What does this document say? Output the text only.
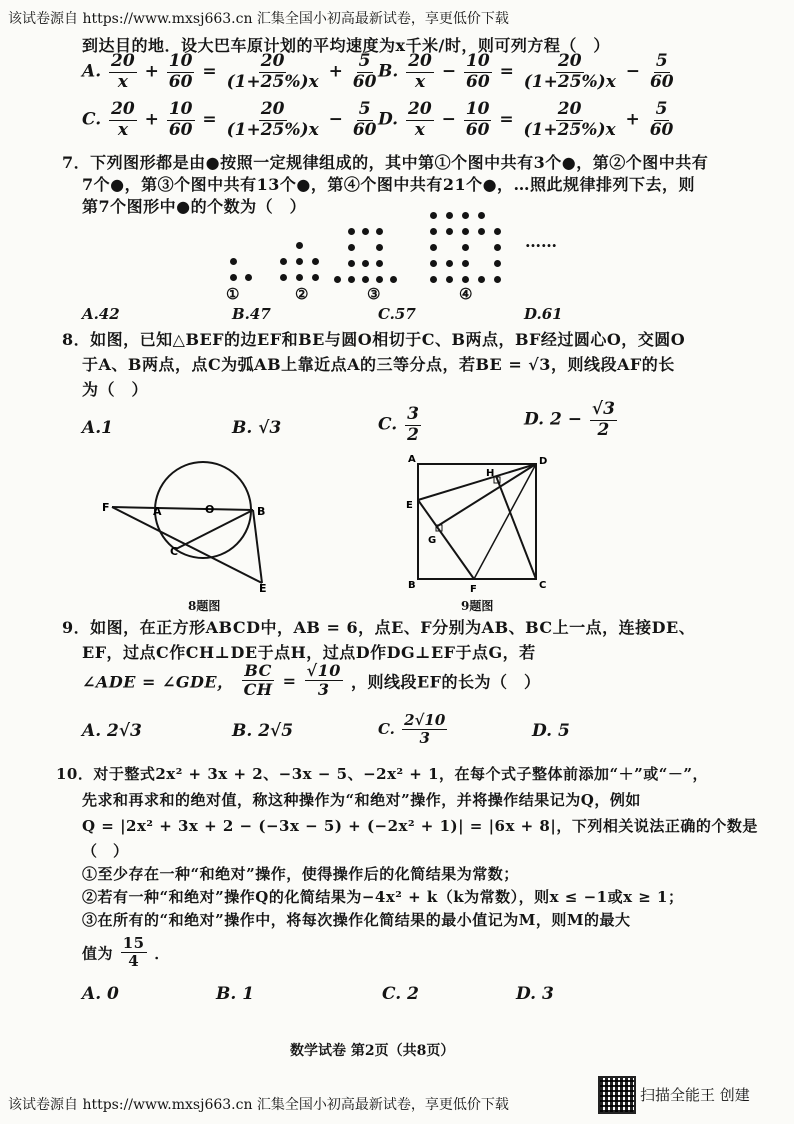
该试卷源自 https://www.mxsj663.cn 汇集全国小初高最新试卷，享更低价下载
到达目的地．设大巴车原计划的平均速度为x千米/时，则可列方程（　）
A. $\frac{20}{x} + \frac{10}{60} = \frac{20}{(1+25\%)x} + \frac{5}{60} B$. $\frac{20}{x} - \frac{10}{60} = \frac{20}{(1+25\%)x} - \frac{5}{60}$
C. $\frac{20}{x} + \frac{10}{60} = \frac{20}{(1+25\%)x} - \frac{5}{60} D$. $\frac{20}{x} - \frac{10}{60} = \frac{20}{(1+25\%)x} + \frac{5}{60}$
7．下列图形都是由●按照一定规律组成的，其中第①个图中共有3个●，第②个图中共有
7个●，第③个图中共有13个●，第④个图中共有21个●，…照此规律排列下去，则
第7个图形中●的个数为（　）
……
①	②	③	④
A.42	B.47	C.57	D.61
8．如图，已知△BEF的边EF和BE与圆O相切于C、B两点，BF经过圆心O，交圆O
于A、B两点，点C为弧AB上靠近点A的三等分点，若BE = √3，则线段AF的长
为（　）
A.1	B. √3	C. $\frac{3}{2}$	D. $2 - \frac{√3}{2}$
F	A	O	B
C
E
8题图
A	D
H
E
G
B	F	C
9题图
9．如图，在正方形ABCD中，AB = 6，点E、F分别为AB、BC上一点，连接DE、
EF，过点C作CH⊥DE于点H，过点D作DG⊥EF于点G，若
∠ADE = ∠GDE， $\frac{BC}{CH} = \frac{√10}{3}$ ，则线段EF的长为（　）
A. 2√3	B. 2√5	C. $\frac{2√10}{3}$	D. 5
10．对于整式2x² + 3x + 2、−3x − 5、−2x² + 1，在每个式子整体前添加“＋”或“－”，
先求和再求和的绝对值，称这种操作为“和绝对”操作，并将操作结果记为Q，例如
Q = |2x² + 3x + 2 − (−3x − 5) + (−2x² + 1)| = |6x + 8|，下列相关说法正确的个数是
（　）
①至少存在一种“和绝对”操作，使得操作后的化简结果为常数；
②若有一种“和绝对”操作Q的化简结果为−4x² + k（k为常数），则x ≤ −1或x ≥ 1；
③在所有的“和绝对”操作中，将每次操作化简结果的最小值记为M，则M的最大
值为 $\frac{15}{4}$ ．
A. 0	B. 1	C. 2	D. 3
数学试卷 第2页（共8页）
该试卷源自 https://www.mxsj663.cn 汇集全国小初高最新试卷，享更低价下载
扫描全能王 创建
